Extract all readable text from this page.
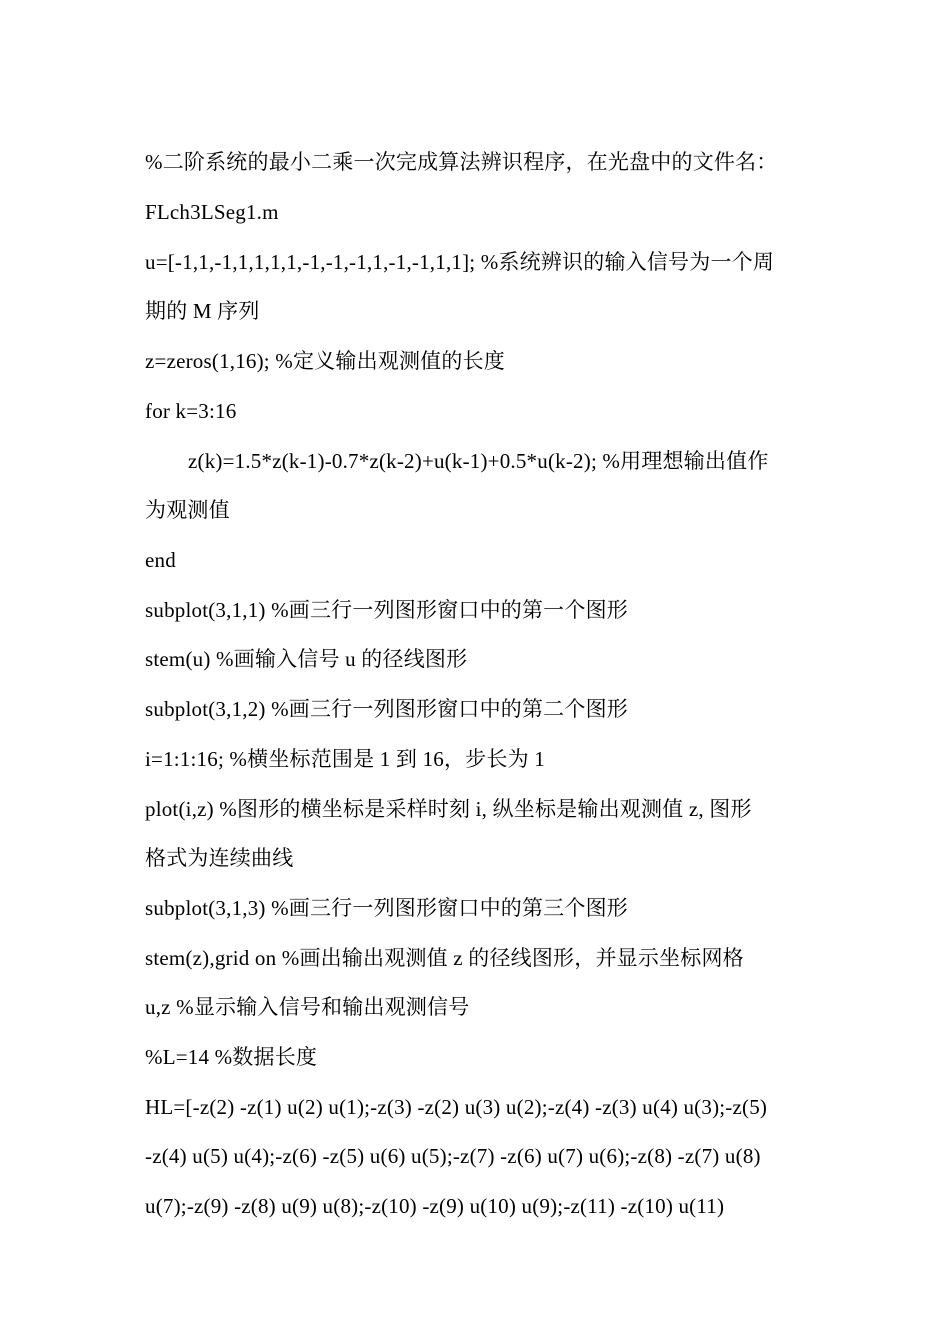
%二阶系统的最小二乘一次完成算法辨识程序，在光盘中的文件名：
FLch3LSeg1.m
u=[-1,1,-1,1,1,1,1,-1,-1,-1,1,-1,-1,1,1]; %系统辨识的输入信号为一个周
期的 M 序列
z=zeros(1,16); %定义输出观测值的长度
for k=3:16
z(k)=1.5*z(k-1)-0.7*z(k-2)+u(k-1)+0.5*u(k-2); %用理想输出值作
为观测值
end
subplot(3,1,1) %画三行一列图形窗口中的第一个图形
stem(u) %画输入信号 u 的径线图形
subplot(3,1,2) %画三行一列图形窗口中的第二个图形
i=1:1:16; %横坐标范围是 1 到 16，步长为 1
plot(i,z) %图形的横坐标是采样时刻 i, 纵坐标是输出观测值 z, 图形
格式为连续曲线
subplot(3,1,3) %画三行一列图形窗口中的第三个图形
stem(z),grid on %画出输出观测值 z 的径线图形，并显示坐标网格
u,z %显示输入信号和输出观测信号
%L=14 %数据长度
HL=[-z(2) -z(1) u(2) u(1);-z(3) -z(2) u(3) u(2);-z(4) -z(3) u(4) u(3);-z(5)
-z(4) u(5) u(4);-z(6) -z(5) u(6) u(5);-z(7) -z(6) u(7) u(6);-z(8) -z(7) u(8)
u(7);-z(9) -z(8) u(9) u(8);-z(10) -z(9) u(10) u(9);-z(11) -z(10) u(11)
